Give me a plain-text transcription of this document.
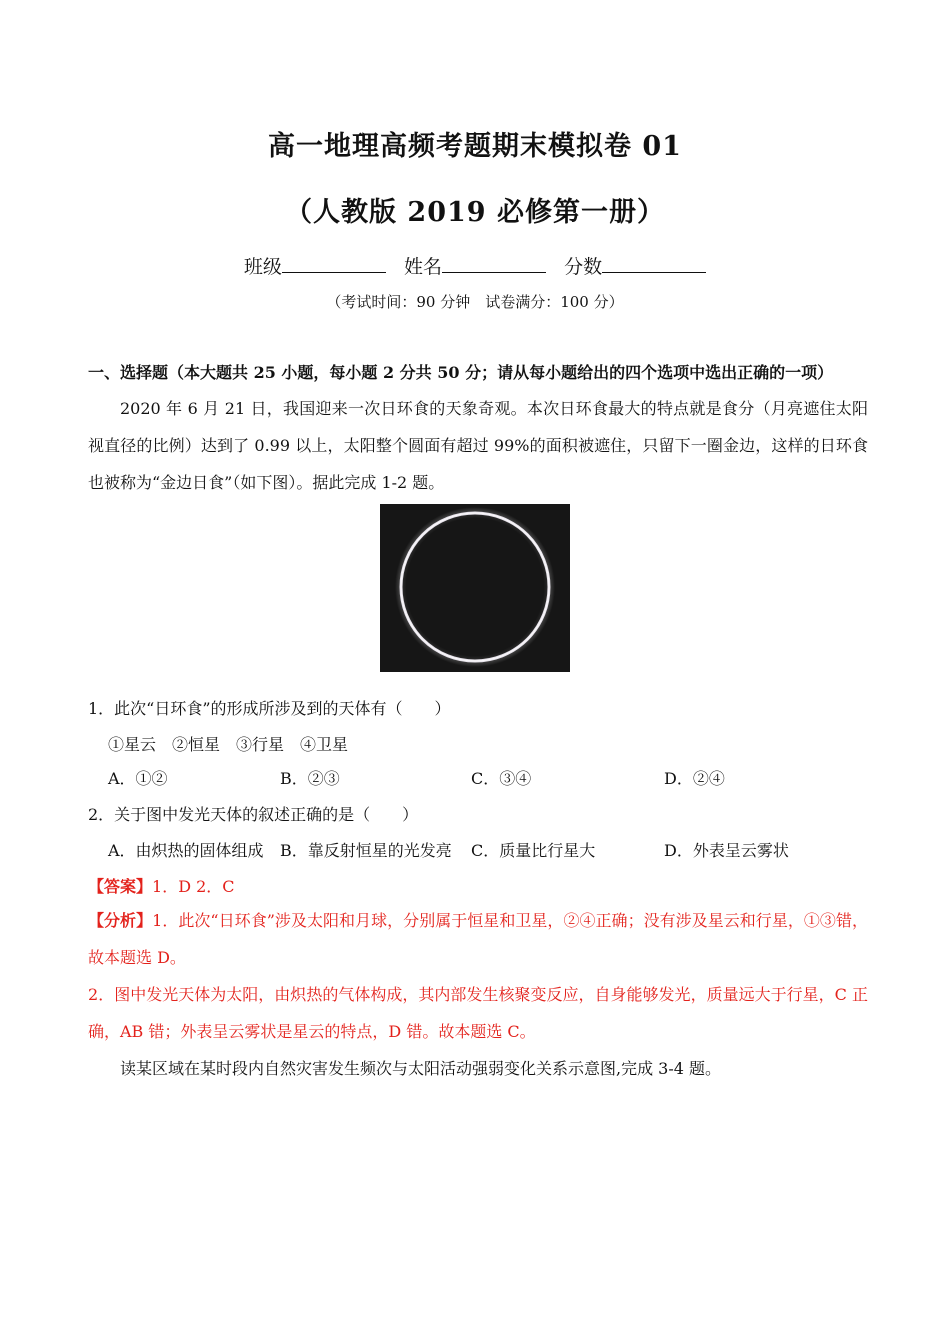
高一地理高频考题期末模拟卷 01
（人教版 2019 必修第一册）
班级	姓名	分数
（考试时间：90 分钟　试卷满分：100 分）
一、选择题（本大题共 25 小题，每小题 2 分共 50 分；请从每小题给出的四个选项中选出正确的一项）
2020 年 6 月 21 日，我国迎来一次日环食的天象奇观。本次日环食最大的特点就是食分（月亮遮住太阳视直径的比例）达到了 0.99 以上，太阳整个圆面有超过 99%的面积被遮住，只留下一圈金边，这样的日环食也被称为“金边日食”（如下图）。据此完成 1-2 题。
1．此次“日环食”的形成所涉及到的天体有（　　）
①星云　②恒星　③行星　④卫星
A．①②	B．②③	C．③④	D．②④
2．关于图中发光天体的叙述正确的是（　　）
A．由炽热的固体组成 B．靠反射恒星的光发亮 C．质量比行星大	D．外表呈云雾状
【答案】1．D 2．C
【分析】1．此次“日环食”涉及太阳和月球，分别属于恒星和卫星，②④正确；没有涉及星云和行星，①③错，故本题选 D。
2．图中发光天体为太阳，由炽热的气体构成，其内部发生核聚变反应，自身能够发光，质量远大于行星，C 正确，AB 错；外表呈云雾状是星云的特点，D 错。故本题选 C。
读某区域在某时段内自然灾害发生频次与太阳活动强弱变化关系示意图,完成 3-4 题。
